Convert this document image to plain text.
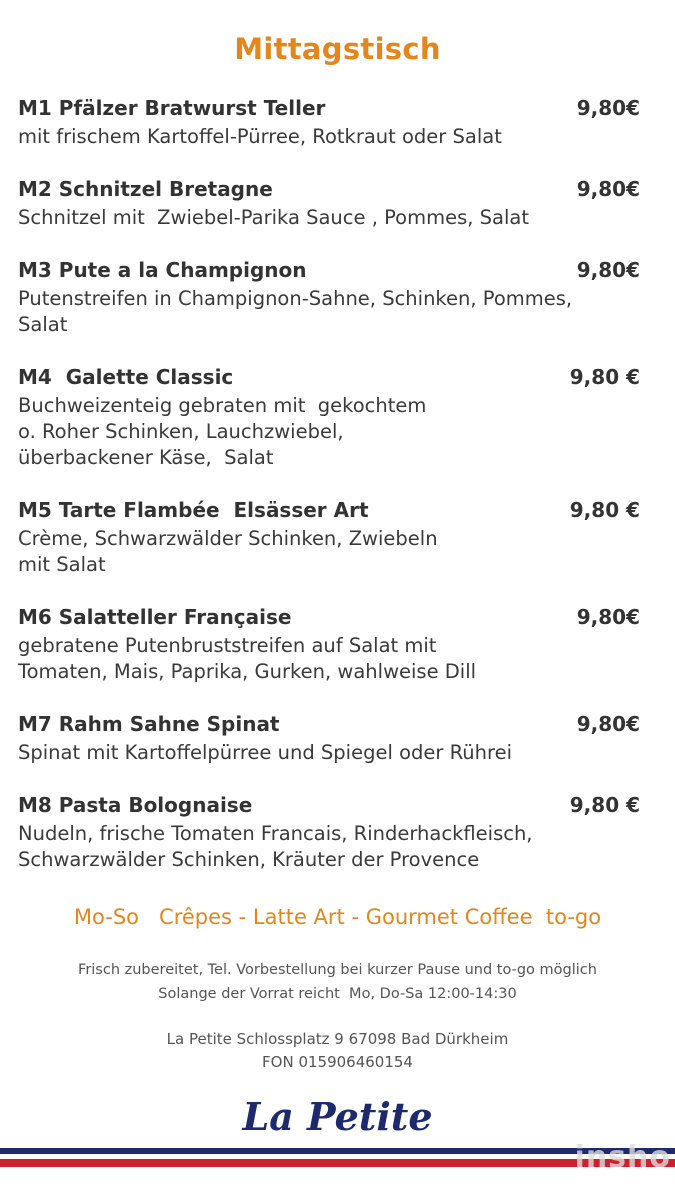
Mittagstisch
M1 Pfälzer Bratwurst Teller	9,80€
mit frischem Kartoffel-Pürree, Rotkraut oder Salat
M2 Schnitzel Bretagne	9,80€
Schnitzel mit  Zwiebel-Parika Sauce , Pommes, Salat
M3 Pute a la Champignon	9,80€
Putenstreifen in Champignon-Sahne, Schinken, Pommes,
Salat
M4  Galette Classic	9,80 €
Buchweizenteig gebraten mit  gekochtem
o. Roher Schinken, Lauchzwiebel,
überbackener Käse,  Salat
M5 Tarte Flambée  Elsässer Art	9,80 €
Crème, Schwarzwälder Schinken, Zwiebeln
mit Salat
M6 Salatteller Française	9,80€
gebratene Putenbruststreifen auf Salat mit
Tomaten, Mais, Paprika, Gurken, wahlweise Dill
M7 Rahm Sahne Spinat	9,80€
Spinat mit Kartoffelpürree und Spiegel oder Rührei
M8 Pasta Bolognaise	9,80 €
Nudeln, frische Tomaten Francais, Rinderhackfleisch,
Schwarzwälder Schinken, Kräuter der Provence
Mo-So   Crêpes - Latte Art - Gourmet Coffee  to-go
Frisch zubereitet, Tel. Vorbestellung bei kurzer Pause und to-go möglich
Solange der Vorrat reicht  Mo, Do-Sa 12:00-14:30
La Petite Schlossplatz 9 67098 Bad Dürkheim
FON 015906460154
La Petite
insho
